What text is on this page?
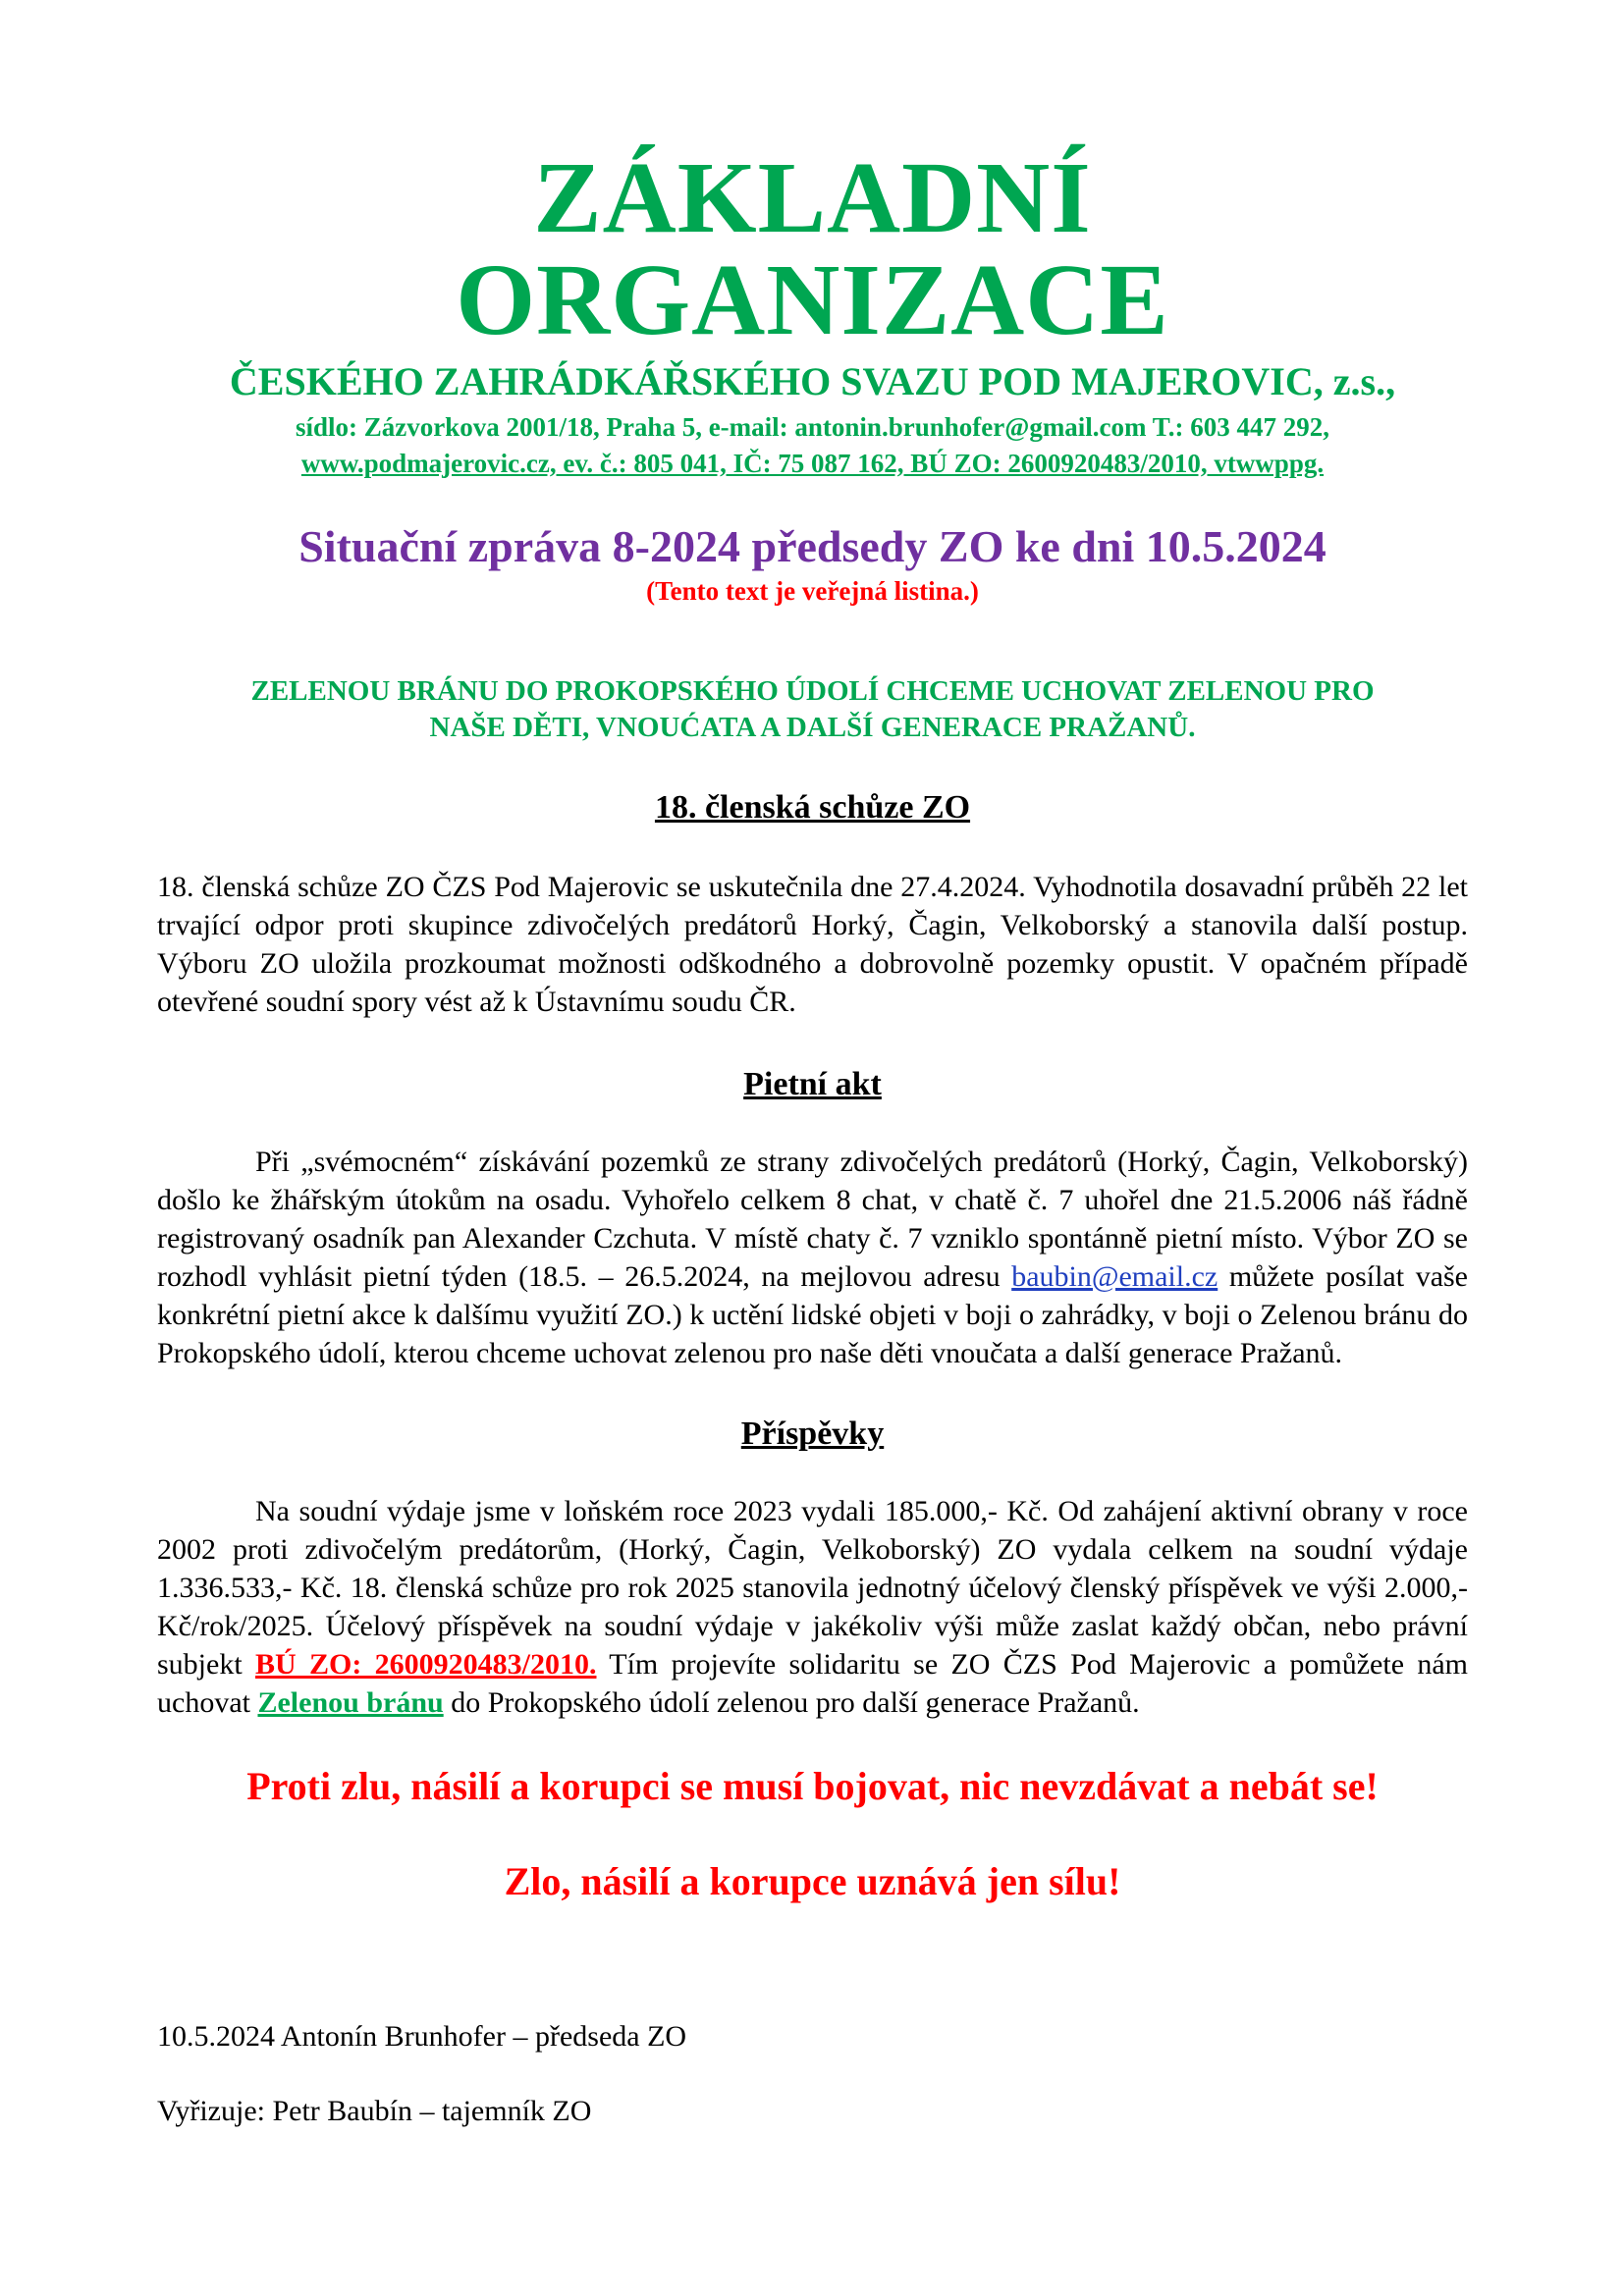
ZÁKLADNÍ ORGANIZACE

ČESKÉHO ZAHRÁDKÁŘSKÉHO SVAZU POD MAJEROVIC, z.s.,

sídlo: Zázvorkova 2001/18, Praha 5, e-mail: antonin.brunhofer@gmail.com T.: 603 447 292,

www.podmajerovic.cz, ev. č.: 805 041, IČ: 75 087 162, BÚ ZO: 2600920483/2010, vtwwppg.

Situační zpráva 8-2024 předsedy ZO ke dni 10.5.2024

(Tento text je veřejná listina.)

ZELENOU BRÁNU DO PROKOPSKÉHO ÚDOLÍ CHCEME UCHOVAT ZELENOU PRO
NAŠE DĚTI, VNOUĆATA A DALŠÍ GENERACE PRAŽANŮ.

18. členská schůze ZO

18. členská schůze ZO ČZS Pod Majerovic se uskutečnila dne 27.4.2024. Vyhodnotila dosavadní průběh 22 let trvající odpor proti skupince zdivočelých predátorů Horký, Čagin, Velkoborský a stanovila další postup. Výboru ZO uložila prozkoumat možnosti odškodného a dobrovolně pozemky opustit. V opačném případě otevřené soudní spory vést až k Ústavnímu soudu ČR.

Pietní akt

Při „svémocném“ získávání pozemků ze strany zdivočelých predátorů (Horký, Čagin, Velkoborský) došlo ke žhářským útokům na osadu. Vyhořelo celkem 8 chat, v chatě č. 7 uhořel dne 21.5.2006 náš řádně registrovaný osadník pan Alexander Czchuta. V místě chaty č. 7 vzniklo spontánně pietní místo. Výbor ZO se rozhodl vyhlásit pietní týden (18.5. – 26.5.2024, na mejlovou adresu baubin@email.cz můžete posílat vaše konkrétní pietní akce k dalšímu využití ZO.) k uctění lidské objeti v boji o zahrádky, v boji o Zelenou bránu do Prokopského údolí, kterou chceme uchovat zelenou pro naše děti vnoučata a další generace Pražanů.

Příspěvky

Na soudní výdaje jsme v loňském roce 2023 vydali 185.000,- Kč. Od zahájení aktivní obrany v roce 2002 proti zdivočelým predátorům, (Horký, Čagin, Velkoborský) ZO vydala celkem na soudní výdaje 1.336.533,- Kč. 18. členská schůze pro rok 2025 stanovila jednotný účelový členský příspěvek ve výši 2.000,- Kč/rok/2025. Účelový příspěvek na soudní výdaje v jakékoliv výši může zaslat každý občan, nebo právní subjekt BÚ ZO: 2600920483/2010. Tím projevíte solidaritu se ZO ČZS Pod Majerovic a pomůžete nám uchovat Zelenou bránu do Prokopského údolí zelenou pro další generace Pražanů.

Proti zlu, násilí a korupci se musí bojovat, nic nevzdávat a nebát se!

Zlo, násilí a korupce uznává jen sílu!

10.5.2024 Antonín Brunhofer – předseda ZO

Vyřizuje: Petr Baubín – tajemník ZO
